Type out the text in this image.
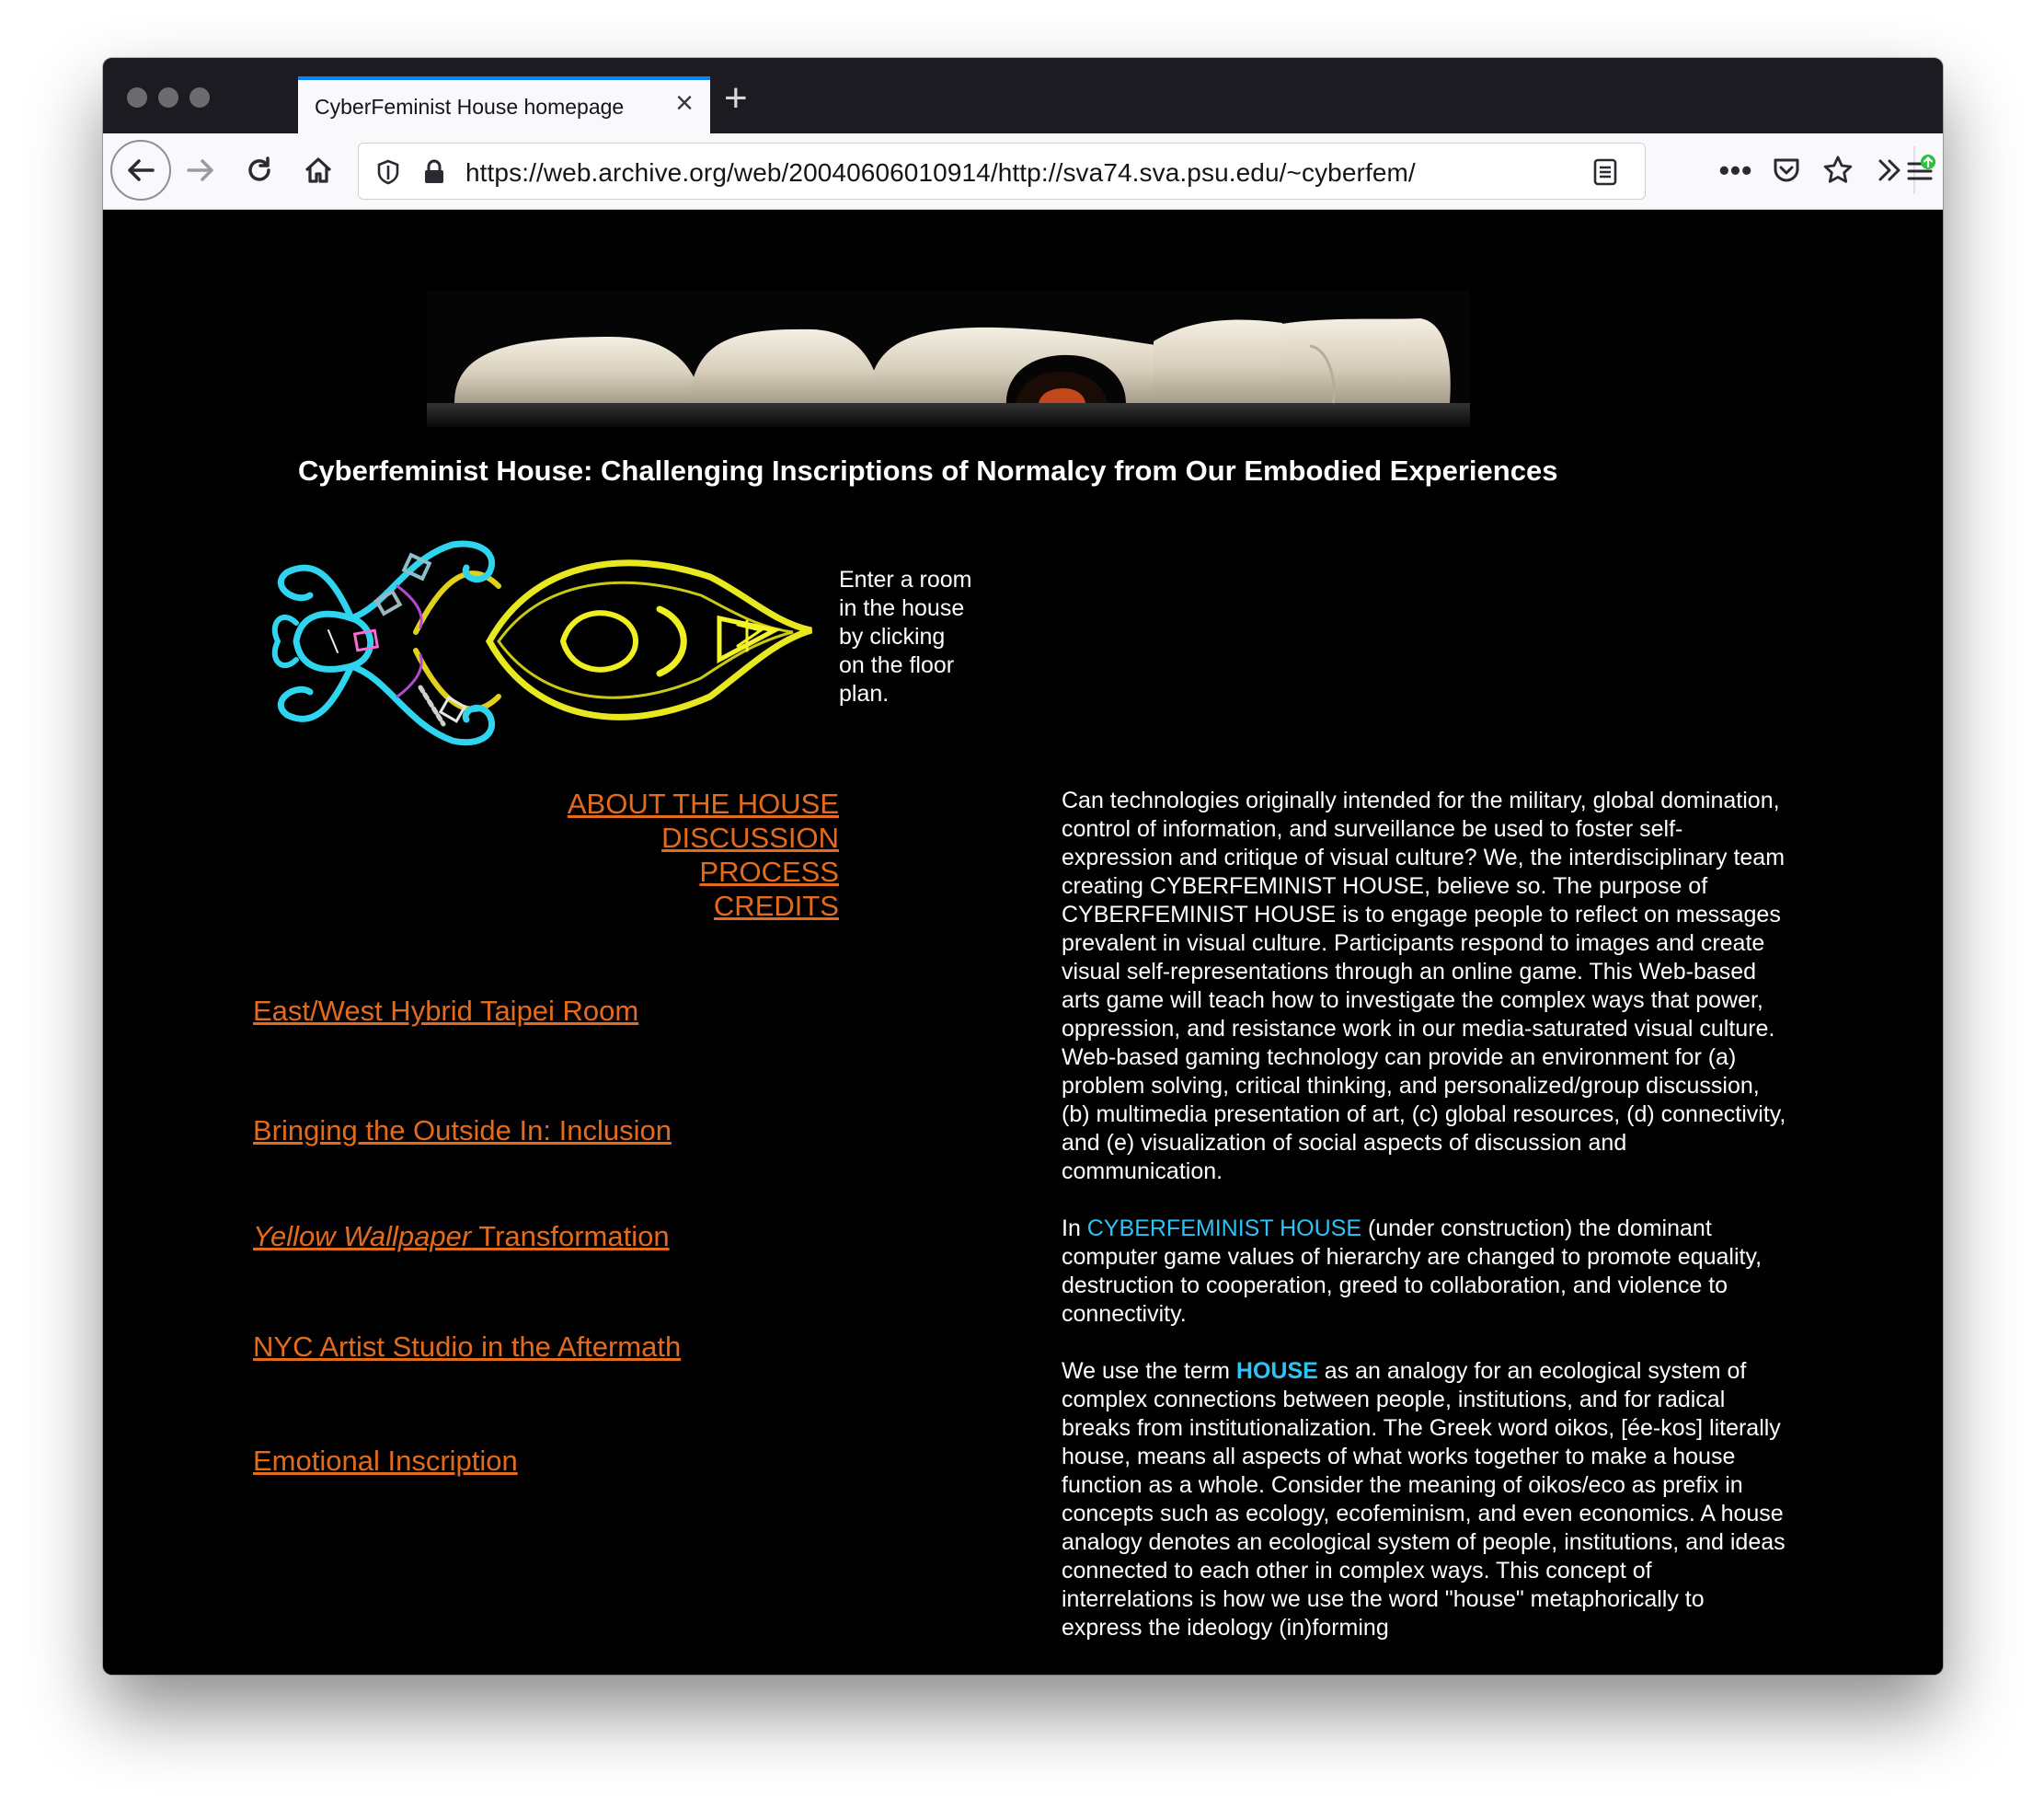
CyberFeminist House homepage × +
https://web.archive.org/web/20040606010914/http://sva74.sva.psu.edu/~cyberfem/	•••
Cyberfeminist House: Challenging Inscriptions of Normalcy from Our Embodied Experiences
Enter a room in the house by clicking on the floor plan.
ABOUT THE HOUSE
DISCUSSION
PROCESS
CREDITS
East/West Hybrid Taipei Room
Bringing the Outside In: Inclusion
Yellow Wallpaper Transformation
NYC Artist Studio in the Aftermath
Emotional Inscription

Can technologies originally intended for the military, global domination, control of information, and surveillance be used to foster self-expression and critique of visual culture? We, the interdisciplinary team creating CYBERFEMINIST HOUSE, believe so. The purpose of CYBERFEMINIST HOUSE is to engage people to reflect on messages prevalent in visual culture. Participants respond to images and create visual self-representations through an online game. This Web-based arts game will teach how to investigate the complex ways that power, oppression, and resistance work in our media-saturated visual culture. Web-based gaming technology can provide an environment for (a) problem solving, critical thinking, and personalized/group discussion, (b) multimedia presentation of art, (c) global resources, (d) connectivity, and (e) visualization of social aspects of discussion and communication.

In CYBERFEMINIST HOUSE (under construction) the dominant computer game values of hierarchy are changed to promote equality, destruction to cooperation, greed to collaboration, and violence to connectivity.

We use the term HOUSE as an analogy for an ecological system of complex connections between people, institutions, and for radical breaks from institutionalization. The Greek word oikos, [ée-kos] literally house, means all aspects of what works together to make a house function as a whole. Consider the meaning of oikos/eco as prefix in concepts such as ecology, ecofeminism, and even economics. A house analogy denotes an ecological system of people, institutions, and ideas connected to each other in complex ways. This concept of interrelations is how we use the word "house" metaphorically to express the ideology (in)forming
